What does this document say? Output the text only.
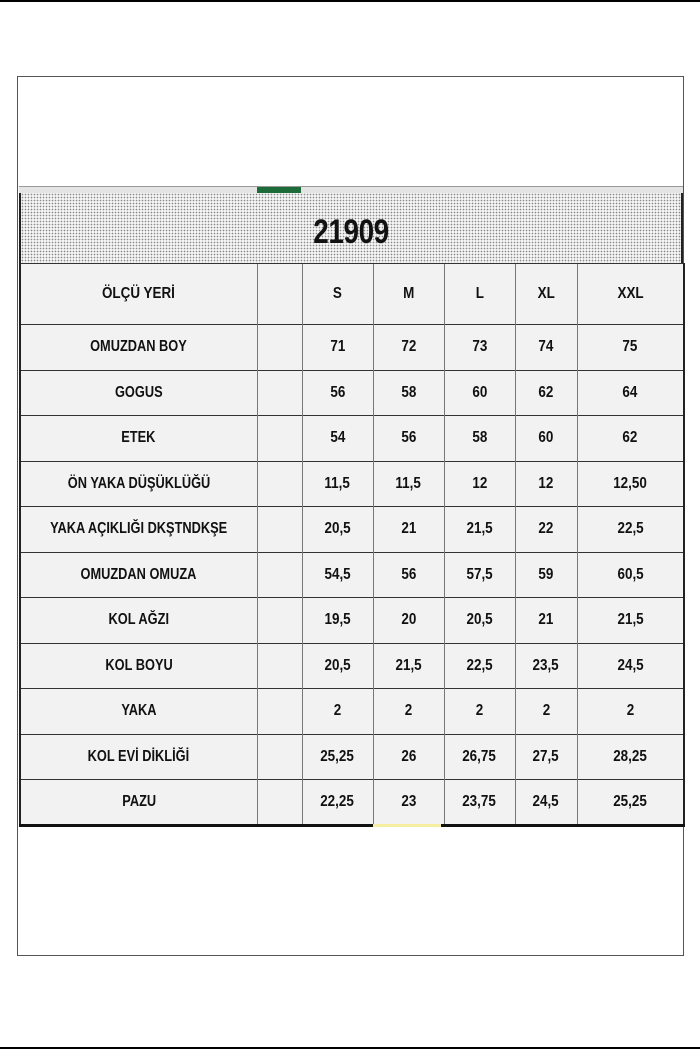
21909
ÖLÇÜ YERİ		S	M	L	XL	XXL
OMUZDAN BOY		71	72	73	74	75
GOGUS		56	58	60	62	64
ETEK		54	56	58	60	62
ÖN YAKA DÜŞÜKLÜĞÜ		11,5	11,5	12	12	12,50
YAKA AÇIKLIĞI DKŞTNDKŞE		20,5	21	21,5	22	22,5
OMUZDAN OMUZA		54,5	56	57,5	59	60,5
KOL AĞZI		19,5	20	20,5	21	21,5
KOL BOYU		20,5	21,5	22,5	23,5	24,5
YAKA		2	2	2	2	2
KOL EVİ DİKLİĞİ		25,25	26	26,75	27,5	28,25
PAZU		22,25	23	23,75	24,5	25,25
